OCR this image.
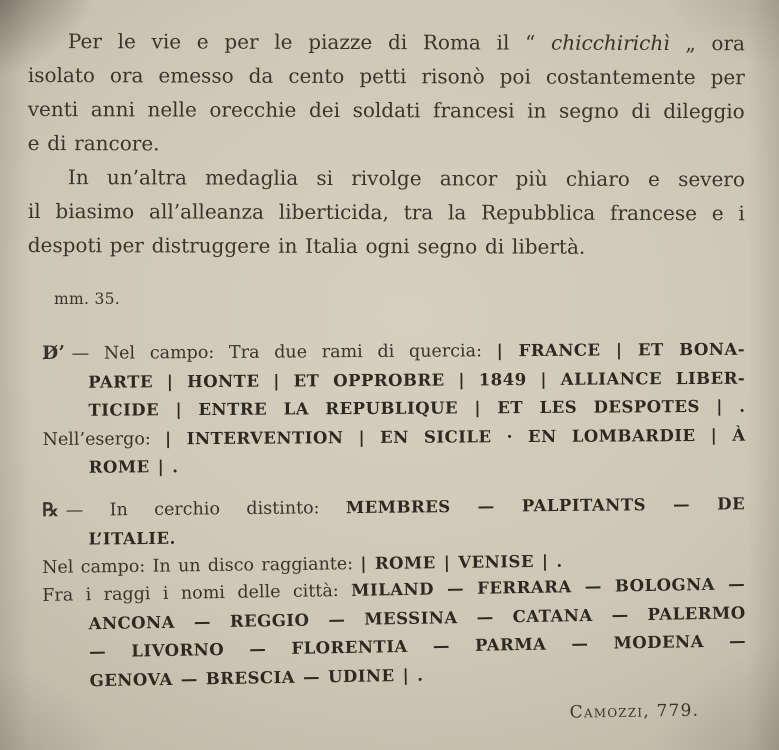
Per le vie e per le piazze di Roma il “ chicchirichì „ ora
isolato ora emesso da cento petti risonò poi costantemente per
venti anni nelle orecchie dei soldati francesi in segno di dileggio
e di rancore.
In un’altra medaglia si rivolge ancor più chiaro e severo
il biasimo all’alleanza liberticida, tra la Repubblica francese e i
despoti per distruggere in Italia ogni segno di libertà.
mm. 35.
D̸ʼ — Nel campo: Tra due rami di quercia: | FRANCE | ET BONA-
PARTE | HONTE | ET OPPROBRE | 1849 | ALLIANCE LIBER-
TICIDE | ENTRE LA REPUBLIQUE | ET LES DESPOTES | .
Nell’esergo: | INTERVENTION | EN SICILE · EN LOMBARDIE | À
ROME | .
℞ — In cerchio distinto: MEMBRES — PALPITANTS — DE
L’ITALIE.
Nel campo: In un disco raggiante: | ROME | VENISE | .
Fra i raggi i nomi delle città: MILAND — FERRARA — BOLOGNA —
ANCONA — REGGIO — MESSINA — CATANA — PALERMO
— LIVORNO — FLORENTIA — PARMA — MODENA —
GENOVA — BRESCIA — UDINE | .
Camozzi, 779.
